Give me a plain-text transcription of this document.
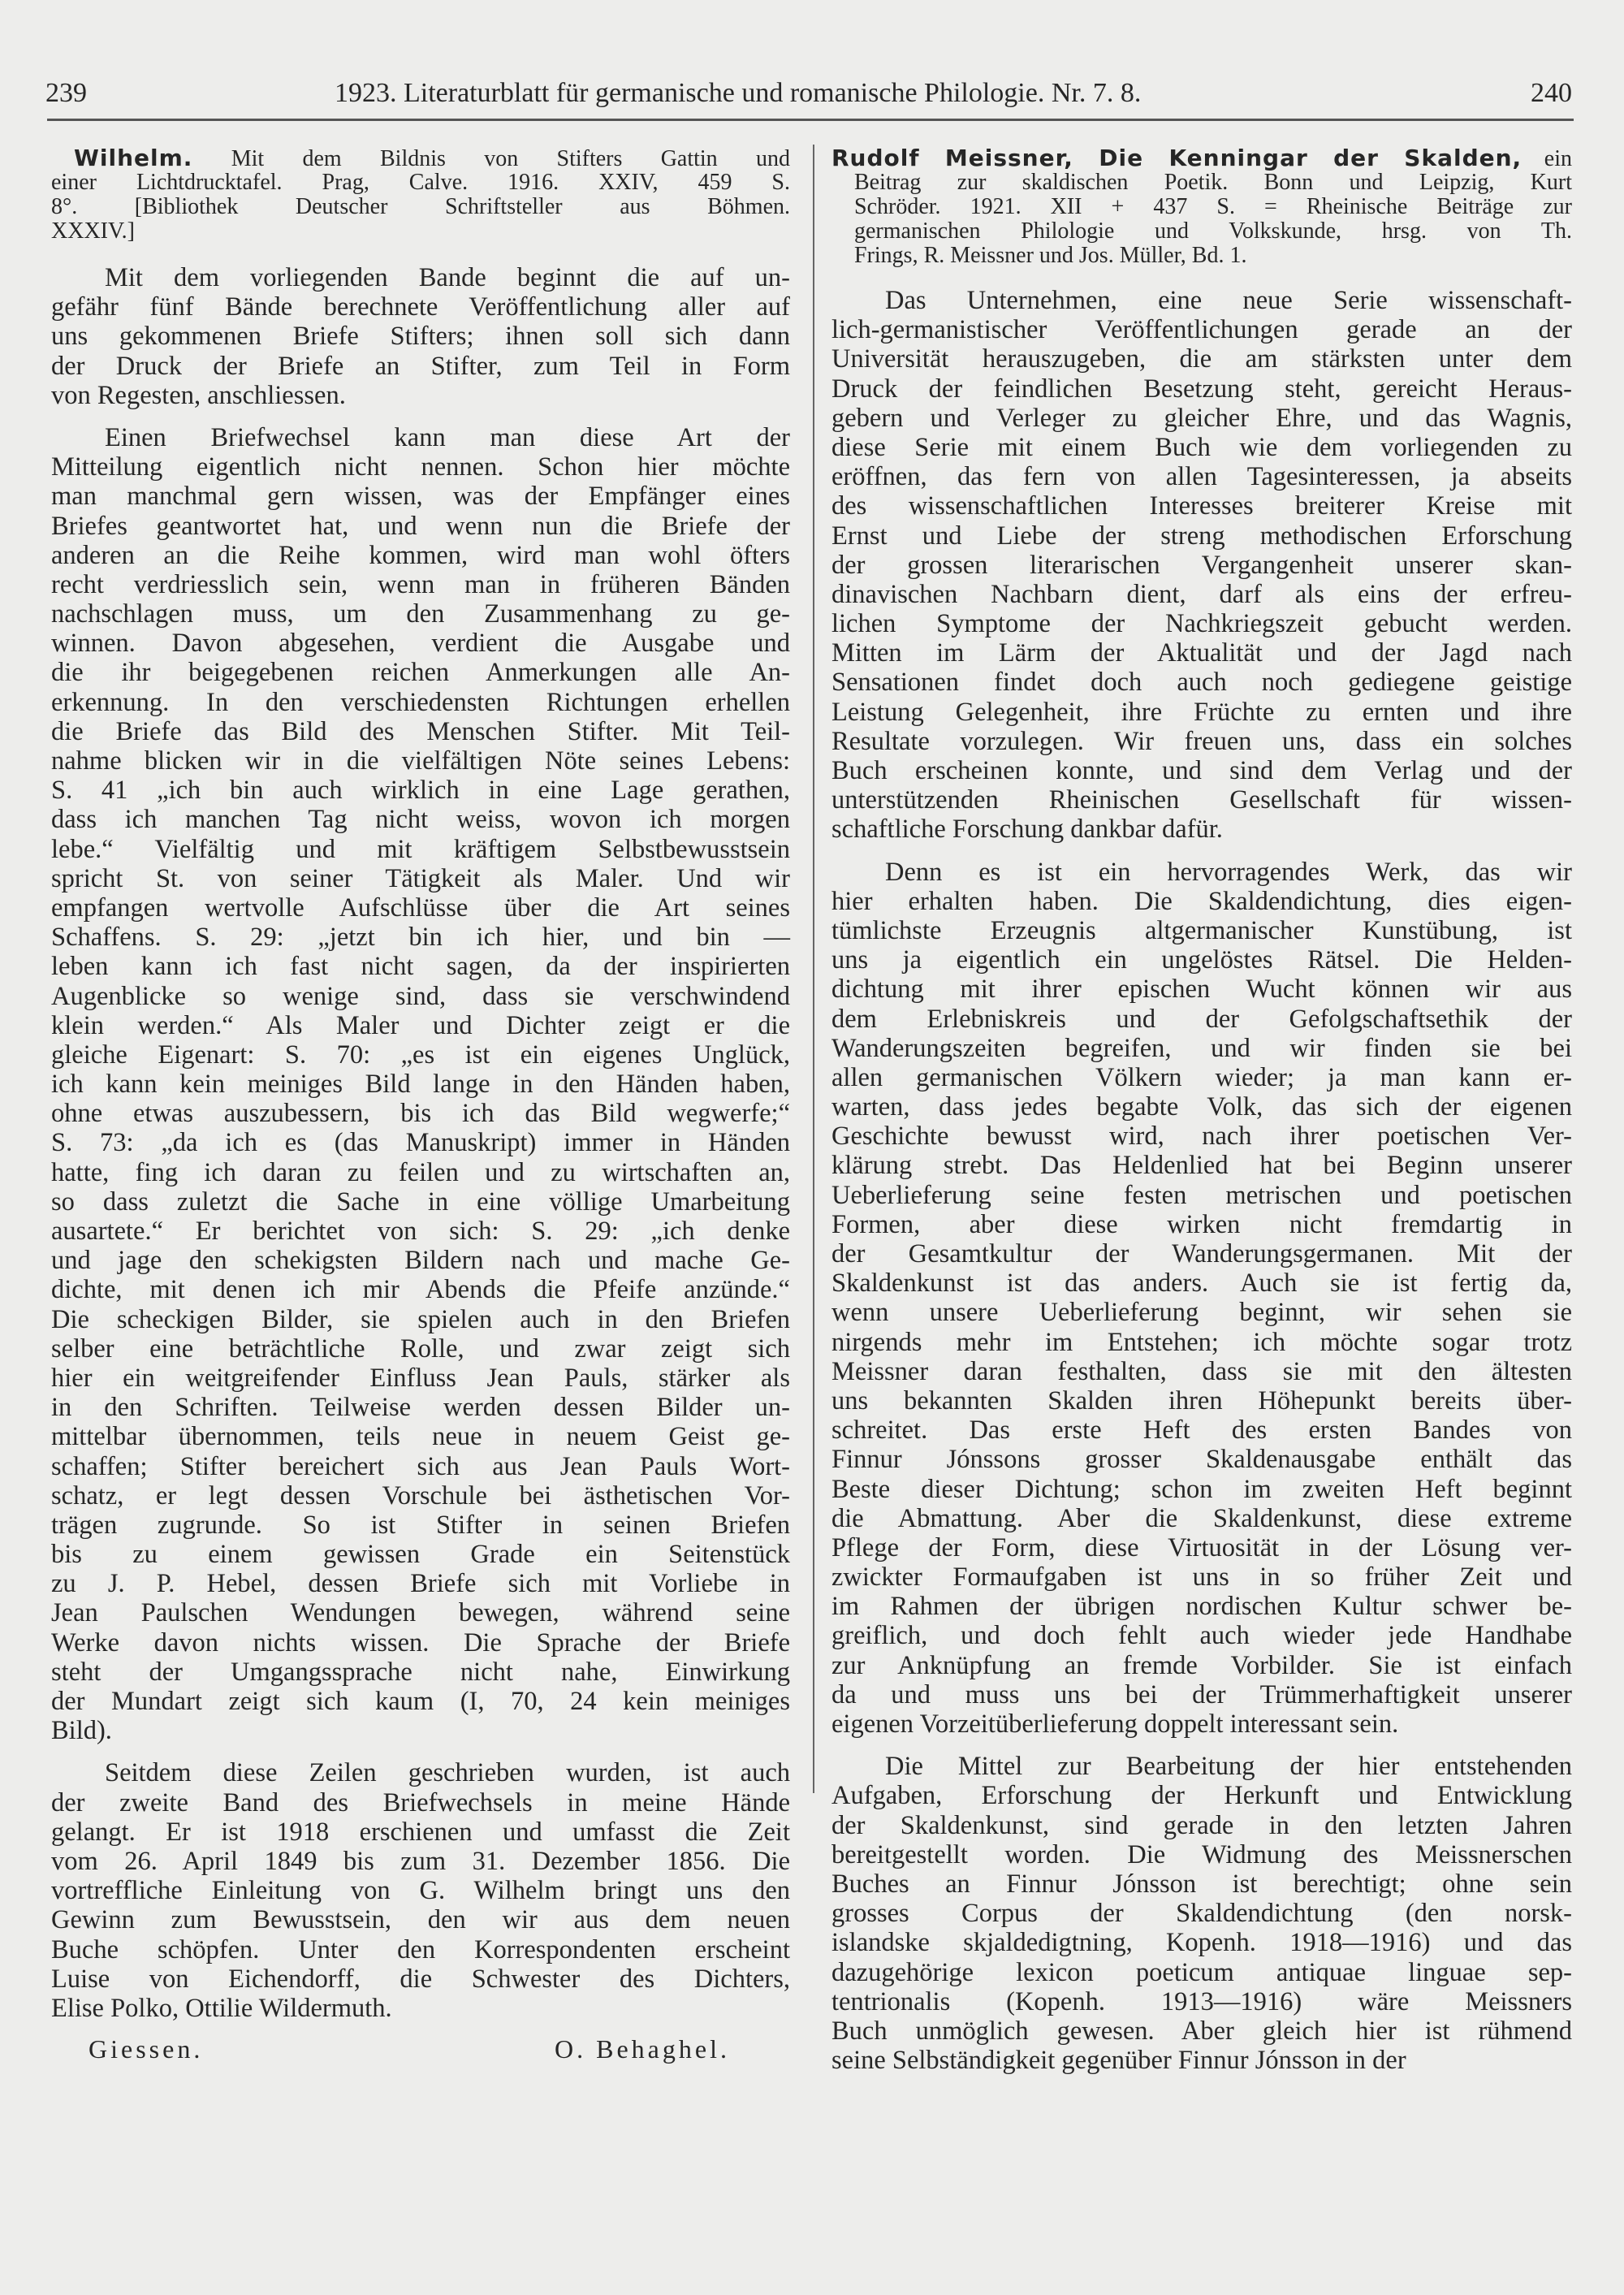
239	1923. Literaturblatt für germanische und romanische Philologie. Nr. 7. 8.	240
Wilhelm. Mit dem Bildnis von Stifters Gattin und
einer Lichtdrucktafel. Prag, Calve. 1916. XXIV, 459 S.
8°. [Bibliothek Deutscher Schriftsteller aus Böhmen.
XXXIV.]
Mit dem vorliegenden Bande beginnt die auf un-
gefähr fünf Bände berechnete Veröffentlichung aller auf
uns gekommenen Briefe Stifters; ihnen soll sich dann
der Druck der Briefe an Stifter, zum Teil in Form
von Regesten, anschliessen.
Einen Briefwechsel kann man diese Art der
Mitteilung eigentlich nicht nennen. Schon hier möchte
man manchmal gern wissen, was der Empfänger eines
Briefes geantwortet hat, und wenn nun die Briefe der
anderen an die Reihe kommen, wird man wohl öfters
recht verdriesslich sein, wenn man in früheren Bänden
nachschlagen muss, um den Zusammenhang zu ge-
winnen. Davon abgesehen, verdient die Ausgabe und
die ihr beigegebenen reichen Anmerkungen alle An-
erkennung. In den verschiedensten Richtungen erhellen
die Briefe das Bild des Menschen Stifter. Mit Teil-
nahme blicken wir in die vielfältigen Nöte seines Lebens:
S. 41 „ich bin auch wirklich in eine Lage gerathen,
dass ich manchen Tag nicht weiss, wovon ich morgen
lebe.“ Vielfältig und mit kräftigem Selbstbewusstsein
spricht St. von seiner Tätigkeit als Maler. Und wir
empfangen wertvolle Aufschlüsse über die Art seines
Schaffens. S. 29: „jetzt bin ich hier, und bin —
leben kann ich fast nicht sagen, da der inspirierten
Augenblicke so wenige sind, dass sie verschwindend
klein werden.“ Als Maler und Dichter zeigt er die
gleiche Eigenart: S. 70: „es ist ein eigenes Unglück,
ich kann kein meiniges Bild lange in den Händen haben,
ohne etwas auszubessern, bis ich das Bild wegwerfe;“
S. 73: „da ich es (das Manuskript) immer in Händen
hatte, fing ich daran zu feilen und zu wirtschaften an,
so dass zuletzt die Sache in eine völlige Umarbeitung
ausartete.“ Er berichtet von sich: S. 29: „ich denke
und jage den schekigsten Bildern nach und mache Ge-
dichte, mit denen ich mir Abends die Pfeife anzünde.“
Die scheckigen Bilder, sie spielen auch in den Briefen
selber eine beträchtliche Rolle, und zwar zeigt sich
hier ein weitgreifender Einfluss Jean Pauls, stärker als
in den Schriften. Teilweise werden dessen Bilder un-
mittelbar übernommen, teils neue in neuem Geist ge-
schaffen; Stifter bereichert sich aus Jean Pauls Wort-
schatz, er legt dessen Vorschule bei ästhetischen Vor-
trägen zugrunde. So ist Stifter in seinen Briefen
bis zu einem gewissen Grade ein Seitenstück
zu J. P. Hebel, dessen Briefe sich mit Vorliebe in
Jean Paulschen Wendungen bewegen, während seine
Werke davon nichts wissen. Die Sprache der Briefe
steht der Umgangssprache nicht nahe, Einwirkung
der Mundart zeigt sich kaum (I, 70, 24 kein meiniges
Bild).
Seitdem diese Zeilen geschrieben wurden, ist auch
der zweite Band des Briefwechsels in meine Hände
gelangt. Er ist 1918 erschienen und umfasst die Zeit
vom 26. April 1849 bis zum 31. Dezember 1856. Die
vortreffliche Einleitung von G. Wilhelm bringt uns den
Gewinn zum Bewusstsein, den wir aus dem neuen
Buche schöpfen. Unter den Korrespondenten erscheint
Luise von Eichendorff, die Schwester des Dichters,
Elise Polko, Ottilie Wildermuth.
Giessen.	O. Behaghel.
Rudolf Meissner, Die Kenningar der Skalden, ein
Beitrag zur skaldischen Poetik. Bonn und Leipzig, Kurt
Schröder. 1921. XII + 437 S. = Rheinische Beiträge zur
germanischen Philologie und Volkskunde, hrsg. von Th.
Frings, R. Meissner und Jos. Müller, Bd. 1.
Das Unternehmen, eine neue Serie wissenschaft-
lich-germanistischer Veröffentlichungen gerade an der
Universität herauszugeben, die am stärksten unter dem
Druck der feindlichen Besetzung steht, gereicht Heraus-
gebern und Verleger zu gleicher Ehre, und das Wagnis,
diese Serie mit einem Buch wie dem vorliegenden zu
eröffnen, das fern von allen Tagesinteressen, ja abseits
des wissenschaftlichen Interesses breiterer Kreise mit
Ernst und Liebe der streng methodischen Erforschung
der grossen literarischen Vergangenheit unserer skan-
dinavischen Nachbarn dient, darf als eins der erfreu-
lichen Symptome der Nachkriegszeit gebucht werden.
Mitten im Lärm der Aktualität und der Jagd nach
Sensationen findet doch auch noch gediegene geistige
Leistung Gelegenheit, ihre Früchte zu ernten und ihre
Resultate vorzulegen. Wir freuen uns, dass ein solches
Buch erscheinen konnte, und sind dem Verlag und der
unterstützenden Rheinischen Gesellschaft für wissen-
schaftliche Forschung dankbar dafür.
Denn es ist ein hervorragendes Werk, das wir
hier erhalten haben. Die Skaldendichtung, dies eigen-
tümlichste Erzeugnis altgermanischer Kunstübung, ist
uns ja eigentlich ein ungelöstes Rätsel. Die Helden-
dichtung mit ihrer epischen Wucht können wir aus
dem Erlebniskreis und der Gefolgschaftsethik der
Wanderungszeiten begreifen, und wir finden sie bei
allen germanischen Völkern wieder; ja man kann er-
warten, dass jedes begabte Volk, das sich der eigenen
Geschichte bewusst wird, nach ihrer poetischen Ver-
klärung strebt. Das Heldenlied hat bei Beginn unserer
Ueberlieferung seine festen metrischen und poetischen
Formen, aber diese wirken nicht fremdartig in
der Gesamtkultur der Wanderungsgermanen. Mit der
Skaldenkunst ist das anders. Auch sie ist fertig da,
wenn unsere Ueberlieferung beginnt, wir sehen sie
nirgends mehr im Entstehen; ich möchte sogar trotz
Meissner daran festhalten, dass sie mit den ältesten
uns bekannten Skalden ihren Höhepunkt bereits über-
schreitet. Das erste Heft des ersten Bandes von
Finnur Jónssons grosser Skaldenausgabe enthält das
Beste dieser Dichtung; schon im zweiten Heft beginnt
die Abmattung. Aber die Skaldenkunst, diese extreme
Pflege der Form, diese Virtuosität in der Lösung ver-
zwickter Formaufgaben ist uns in so früher Zeit und
im Rahmen der übrigen nordischen Kultur schwer be-
greiflich, und doch fehlt auch wieder jede Handhabe
zur Anknüpfung an fremde Vorbilder. Sie ist einfach
da und muss uns bei der Trümmerhaftigkeit unserer
eigenen Vorzeitüberlieferung doppelt interessant sein.
Die Mittel zur Bearbeitung der hier entstehenden
Aufgaben, Erforschung der Herkunft und Entwicklung
der Skaldenkunst, sind gerade in den letzten Jahren
bereitgestellt worden. Die Widmung des Meissnerschen
Buches an Finnur Jónsson ist berechtigt; ohne sein
grosses Corpus der Skaldendichtung (den norsk-
islandske skjaldedigtning, Kopenh. 1918—1916) und das
dazugehörige lexicon poeticum antiquae linguae sep-
tentrionalis (Kopenh. 1913—1916) wäre Meissners
Buch unmöglich gewesen. Aber gleich hier ist rühmend
seine Selbständigkeit gegenüber Finnur Jónsson in der
